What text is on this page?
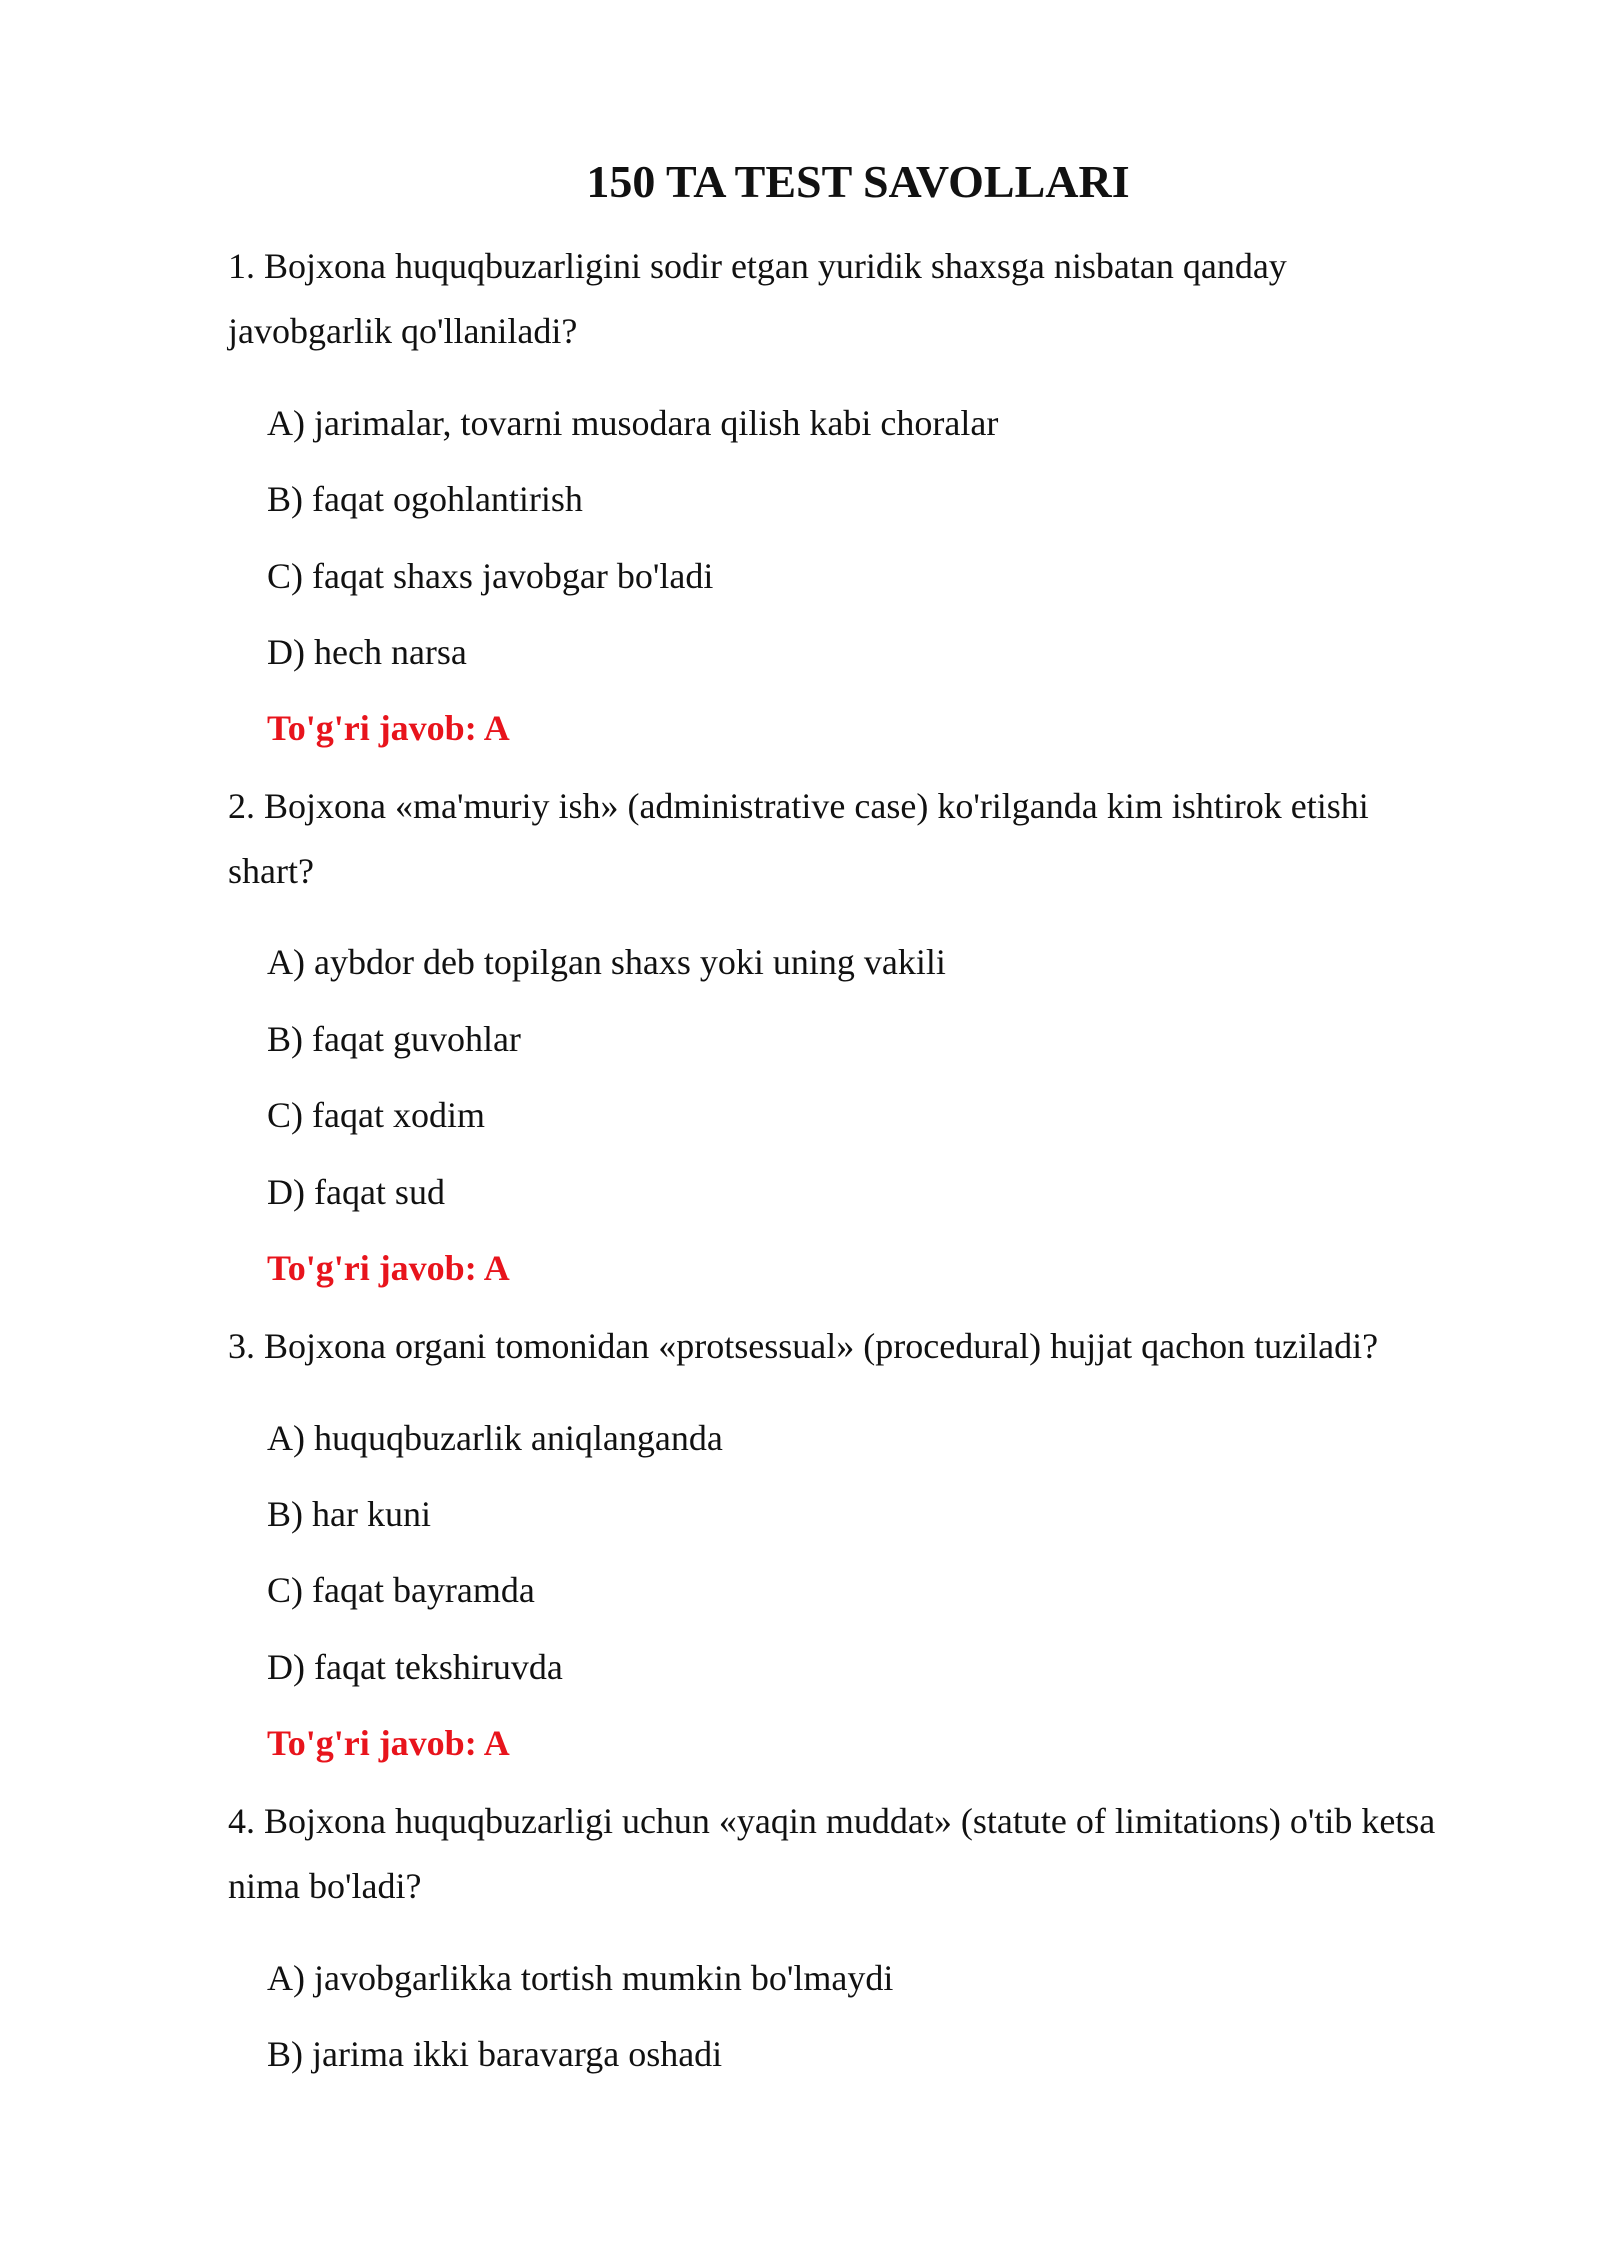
150 TA TEST SAVOLLARI

1. Bojxona huquqbuzarligini sodir etgan yuridik shaxsga nisbatan qanday javobgarlik qo'llaniladi?

A) jarimalar, tovarni musodara qilish kabi choralar

B) faqat ogohlantirish

C) faqat shaxs javobgar bo'ladi

D) hech narsa

To'g'ri javob: A

2. Bojxona «ma'muriy ish» (administrative case) ko'rilganda kim ishtirok etishi shart?

A) aybdor deb topilgan shaxs yoki uning vakili

B) faqat guvohlar

C) faqat xodim

D) faqat sud

To'g'ri javob: A

3. Bojxona organi tomonidan «protsessual» (procedural) hujjat qachon tuziladi?

A) huquqbuzarlik aniqlanganda

B) har kuni

C) faqat bayramda

D) faqat tekshiruvda

To'g'ri javob: A

4. Bojxona huquqbuzarligi uchun «yaqin muddat» (statute of limitations) o'tib ketsa nima bo'ladi?

A) javobgarlikka tortish mumkin bo'lmaydi

B) jarima ikki baravarga oshadi
